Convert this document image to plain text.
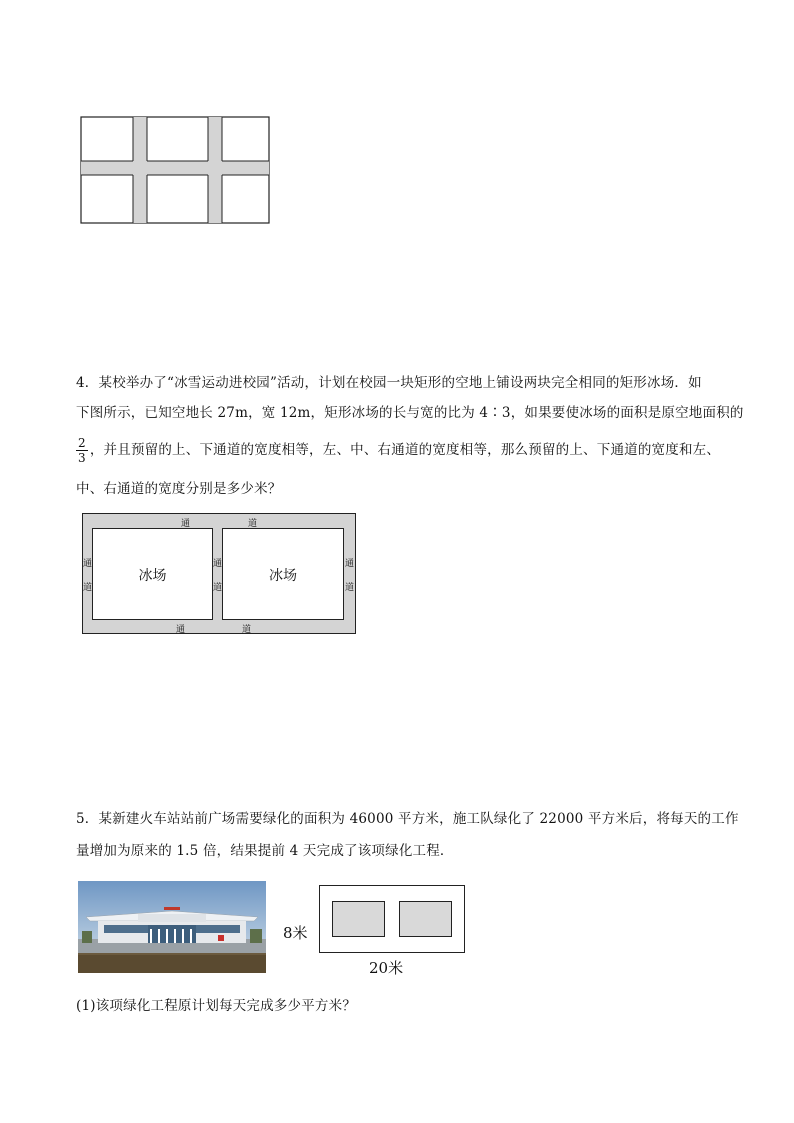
4．某校举办了“冰雪运动进校园”活动，计划在校园一块矩形的空地上铺设两块完全相同的矩形冰场．如
下图所示，已知空地长 27m，宽 12m，矩形冰场的长与宽的比为 4∶3，如果要使冰场的面积是原空地面积的
$\frac{2}{3}$ ，并且预留的上、下通道的宽度相等，左、中、右通道的宽度相等，那么预留的上、下通道的宽度和左、
中、右通道的宽度分别是多少米？
冰场	冰场
通	道
通	道
通
道
通
道
通
道
5．某新建火车站站前广场需要绿化的面积为 46000 平方米，施工队绿化了 22000 平方米后，将每天的工作
量增加为原来的 1.5 倍，结果提前 4 天完成了该项绿化工程．
8米
20米
(1)该项绿化工程原计划每天完成多少平方米？
